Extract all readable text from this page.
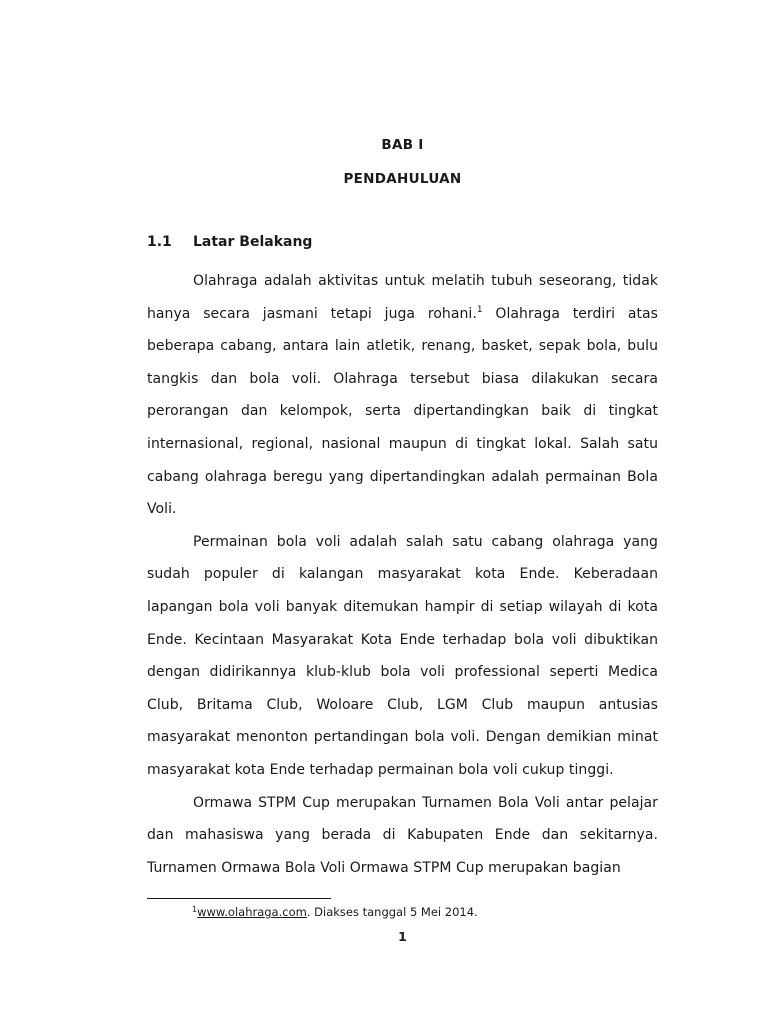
BAB I
PENDAHULUAN
1.1 Latar Belakang

Olahraga adalah aktivitas untuk melatih tubuh seseorang, tidak hanya secara jasmani tetapi juga rohani.$^1$ Olahraga terdiri atas beberapa cabang, antara lain atletik, renang, basket, sepak bola, bulu tangkis dan bola voli. Olahraga tersebut biasa dilakukan secara perorangan dan kelompok, serta dipertandingkan baik di tingkat internasional, regional, nasional maupun di tingkat lokal. Salah satu cabang olahraga beregu yang dipertandingkan adalah permainan Bola Voli.

Permainan bola voli adalah salah satu cabang olahraga yang sudah populer di kalangan masyarakat kota Ende. Keberadaan lapangan bola voli banyak ditemukan hampir di setiap wilayah di kota Ende. Kecintaan Masyarakat Kota Ende terhadap bola voli dibuktikan dengan didirikannya klub-klub bola voli professional seperti Medica Club, Britama Club, Woloare Club, LGM Club maupun antusias masyarakat menonton pertandingan bola voli. Dengan demikian minat masyarakat kota Ende terhadap permainan bola voli cukup tinggi.

Ormawa STPM Cup merupakan Turnamen Bola Voli antar pelajar dan mahasiswa yang berada di Kabupaten Ende dan sekitarnya. Turnamen Ormawa Bola Voli Ormawa STPM Cup merupakan bagian

$^1$www.olahraga.com. Diakses tanggal 5 Mei 2014.
1
